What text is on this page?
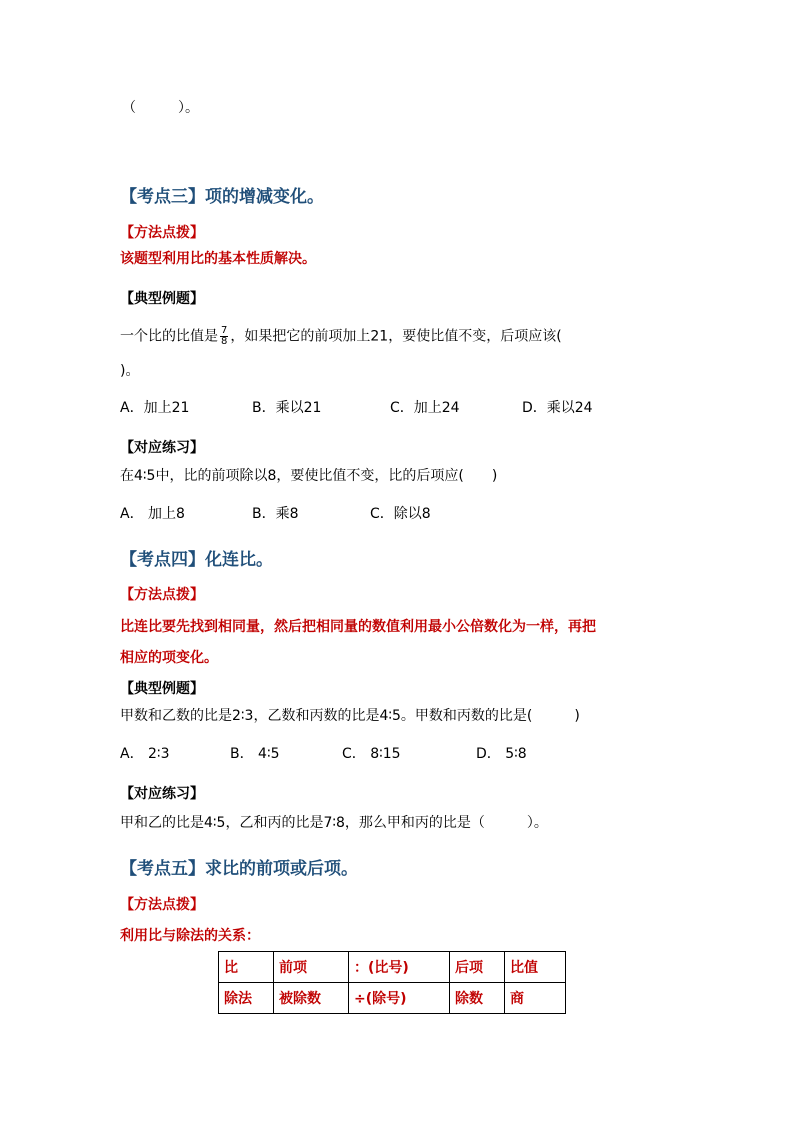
（　　　）。
【考点三】项的增减变化。
【方法点拨】
该题型利用比的基本性质解决。
【典型例题】
一个比的比值是 $\frac{7}{8}$ ，如果把它的前项加上21，要使比值不变，后项应该(
)。
A．加上21	B．乘以21	C．加上24	D．乘以24
【对应练习】
在4∶5中，比的前项除以8，要使比值不变，比的后项应(　　)
A． 加上8	B．乘8	C．除以8
【考点四】化连比。
【方法点拨】
比连比要先找到相同量，然后把相同量的数值利用最小公倍数化为一样，再把
相应的项变化。
【典型例题】
甲数和乙数的比是2∶3，乙数和丙数的比是4∶5。甲数和丙数的比是(　　　)
A． 2∶3	B． 4∶5	C． 8∶15	D． 5∶8
【对应练习】
甲和乙的比是4∶5，乙和丙的比是7∶8，那么甲和丙的比是（　　　）。
【考点五】求比的前项或后项。
【方法点拨】
利用比与除法的关系：
比	前项	：(比号)	后项	比值
除法	被除数	÷(除号)	除数	商
